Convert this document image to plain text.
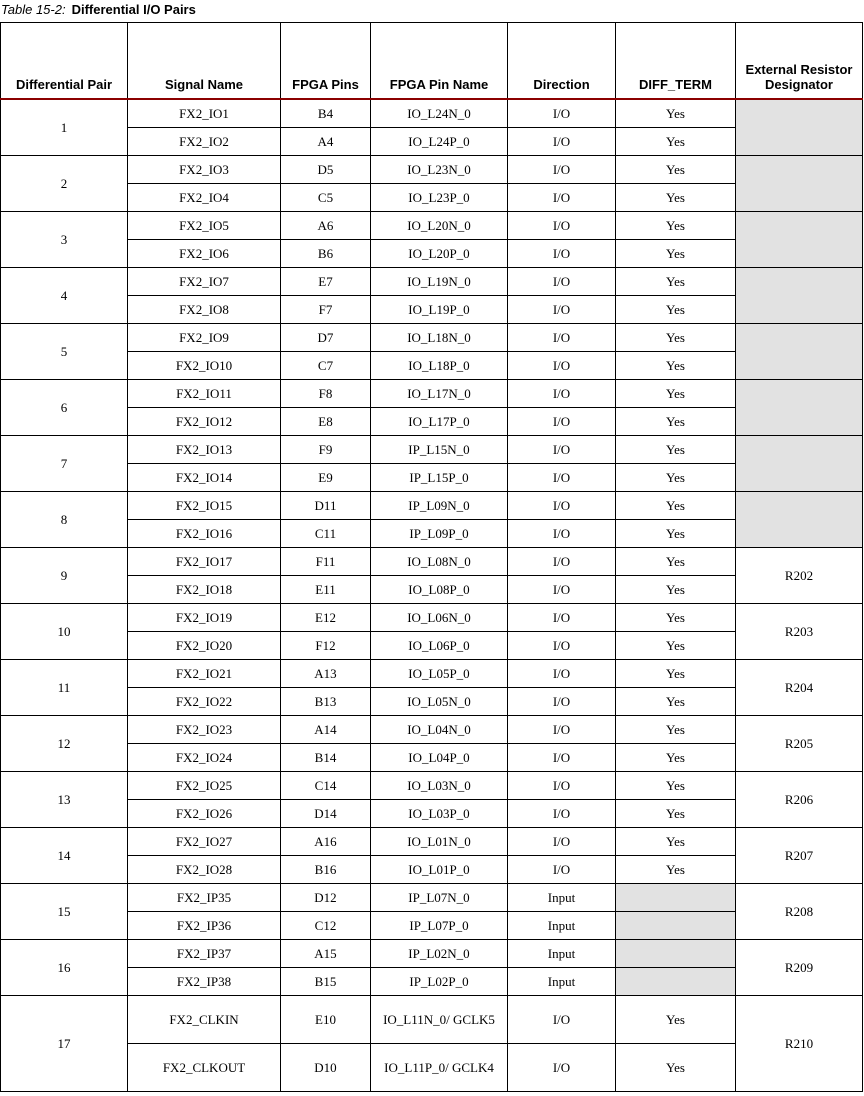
Table 15-2: Differential I/O Pairs
Differential Pair	Signal Name	FPGA Pins	FPGA Pin Name	Direction	DIFF_TERM	External Resistor Designator
1	FX2_IO1	B4	IO_L24N_0	I/O	Yes	
	FX2_IO2	A4	IO_L24P_0	I/O	Yes	
2	FX2_IO3	D5	IO_L23N_0	I/O	Yes	
	FX2_IO4	C5	IO_L23P_0	I/O	Yes	
3	FX2_IO5	A6	IO_L20N_0	I/O	Yes	
	FX2_IO6	B6	IO_L20P_0	I/O	Yes	
4	FX2_IO7	E7	IO_L19N_0	I/O	Yes	
	FX2_IO8	F7	IO_L19P_0	I/O	Yes	
5	FX2_IO9	D7	IO_L18N_0	I/O	Yes	
	FX2_IO10	C7	IO_L18P_0	I/O	Yes	
6	FX2_IO11	F8	IO_L17N_0	I/O	Yes	
	FX2_IO12	E8	IO_L17P_0	I/O	Yes	
7	FX2_IO13	F9	IP_L15N_0	I/O	Yes	
	FX2_IO14	E9	IP_L15P_0	I/O	Yes	
8	FX2_IO15	D11	IP_L09N_0	I/O	Yes	
	FX2_IO16	C11	IP_L09P_0	I/O	Yes	
9	FX2_IO17	F11	IO_L08N_0	I/O	Yes	R202
	FX2_IO18	E11	IO_L08P_0	I/O	Yes	
10	FX2_IO19	E12	IO_L06N_0	I/O	Yes	R203
	FX2_IO20	F12	IO_L06P_0	I/O	Yes	
11	FX2_IO21	A13	IO_L05P_0	I/O	Yes	R204
	FX2_IO22	B13	IO_L05N_0	I/O	Yes	
12	FX2_IO23	A14	IO_L04N_0	I/O	Yes	R205
	FX2_IO24	B14	IO_L04P_0	I/O	Yes	
13	FX2_IO25	C14	IO_L03N_0	I/O	Yes	R206
	FX2_IO26	D14	IO_L03P_0	I/O	Yes	
14	FX2_IO27	A16	IO_L01N_0	I/O	Yes	R207
	FX2_IO28	B16	IO_L01P_0	I/O	Yes	
15	FX2_IP35	D12	IP_L07N_0	Input		R208
	FX2_IP36	C12	IP_L07P_0	Input		
16	FX2_IP37	A15	IP_L02N_0	Input		R209
	FX2_IP38	B15	IP_L02P_0	Input		
17	FX2_CLKIN	E10	IO_L11N_0/ GCLK5	I/O	Yes	R210
	FX2_CLKOUT	D10	IO_L11P_0/ GCLK4	I/O	Yes	
